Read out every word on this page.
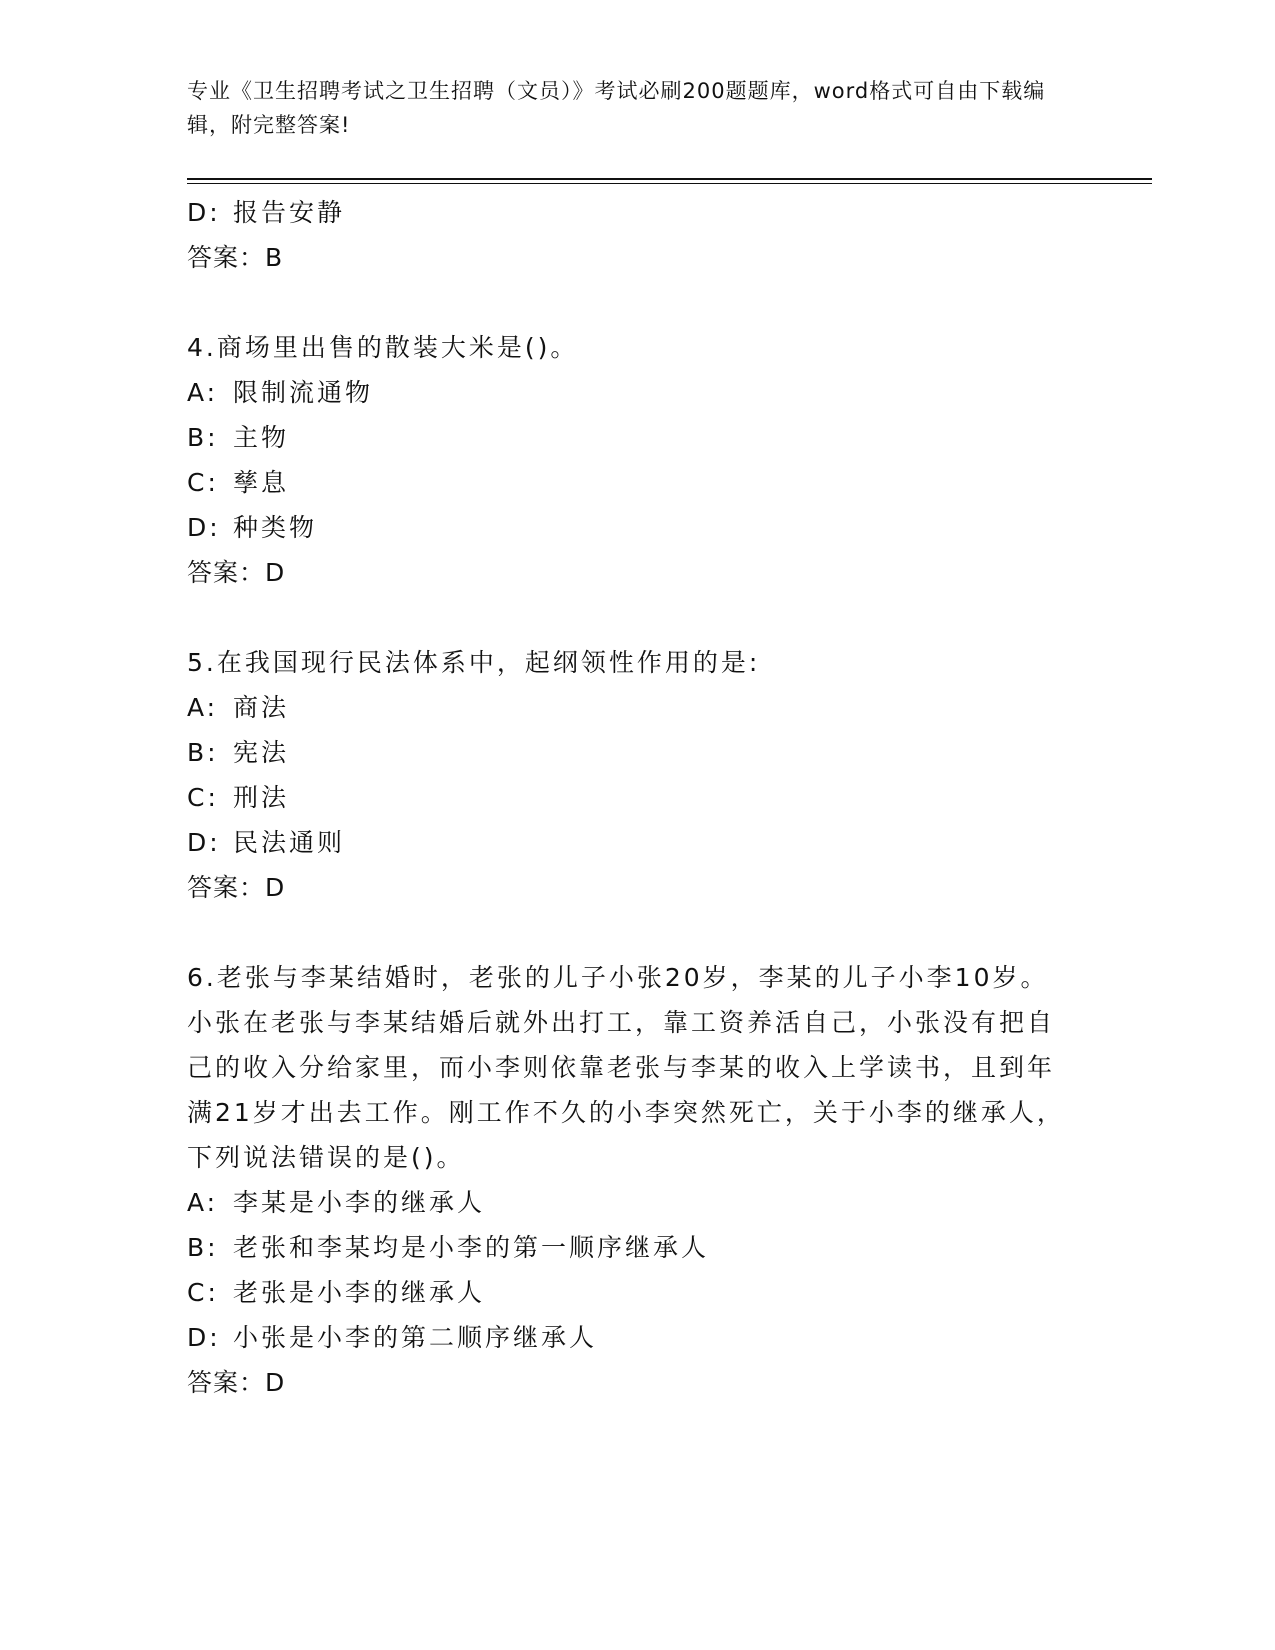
专业《卫生招聘考试之卫生招聘（文员）》考试必刷200题题库，word格式可自由下载编辑，附完整答案!
D: 报告安静
答案：B
4.商场里出售的散装大米是()。
A: 限制流通物
B: 主物
C: 孳息
D: 种类物
答案：D
5.在我国现行民法体系中，起纲领性作用的是:
A: 商法
B: 宪法
C: 刑法
D: 民法通则
答案：D
6.老张与李某结婚时，老张的儿子小张20岁，李某的儿子小李10岁。小张在老张与李某结婚后就外出打工，靠工资养活自己，小张没有把自己的收入分给家里，而小李则依靠老张与李某的收入上学读书，且到年满21岁才出去工作。刚工作不久的小李突然死亡，关于小李的继承人，下列说法错误的是()。
A: 李某是小李的继承人
B: 老张和李某均是小李的第一顺序继承人
C: 老张是小李的继承人
D: 小张是小李的第二顺序继承人
答案：D
